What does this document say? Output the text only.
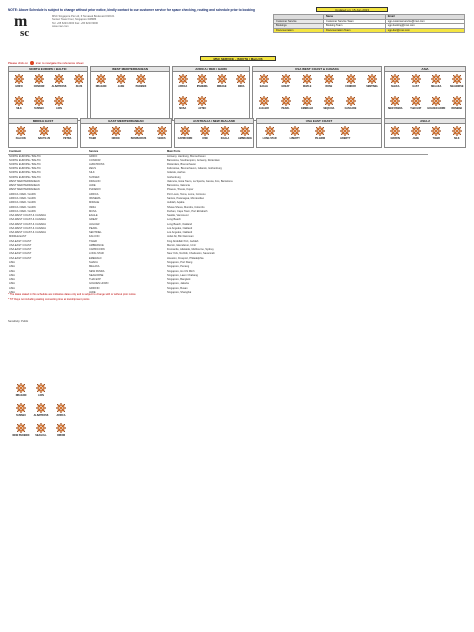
NOTE: Above Schedule is subject to change without prior notice, kindly contact to our customer service for space checking, routing and schedule prior to booking	Updated on: 15-Jun-2023
m
sc
MSC Singapore Pte Ltd, 6 Temasek Boulevard #18-01
Suntec Tower Four, Singapore 038986
Tel: +65 6223 2000 Fax: +65 6223 9000
www.msc.com
	Name	Email
Customer Service	Customer Service Team	sgp-customerservice@msc.com
Bookings	Booking Team	sgp-booking@msc.com
Documentation	Documentation Team	sgp-doc@msc.com
MSC SERVICE - (SOUTH / Main Ol)
Please click on	icon to navigate the reference sheet
NORTH EUROPE / BALTIC
GRIFO	CONDOR	ALBATROSS	ZEUS
SILK	SUSSEX	LION
WEST MEDITERRANEAN
DRAGON	JADE	PHOENIX
AFRICA / RED / GARN
AFRICA	IPANEMA	MIRAGE	INDIA
MUSA	AZTEC
USA WEST COAST & CANADA
EAGLE	GREAT	MAPLE	ROSE	CONDOR	SENTINEL
JAGUAR	PEARL	EMERALD	SEQUOIA	CASCADE
ASIA
SHAKA	EAST	MELAKA	SEAHORSE
NEW PANDA	THAI EXP	GOLDEN HORN	IPANEMA
MIDDLE EAST
FALCON	NAUTILUS	PETRA
EAST MEDITERRANEAN
TIGER	ORION	BOSPHORUS	VENUS
AUSTRALIA / NEW ZEALAND
CAPRICORN	KIWI	KOALA	AMBRANCE
USA EAST COAST
LONG STAR	LIBERTY	PILGRIM	LIBERTY
ASIA-2
GRIFFIN	JADE	TIGER	SILK
Continent	Service	Main Ports
NORTH EUROPE / BALTIC	GRIFO	Antwerp, Hamburg, Bremerhaven
NORTH EUROPE / BALTIC	CONDOR	Barcelona, Southampton, Antwerp, Rotterdam
NORTH EUROPE / BALTIC	ALBATROSS	Rotterdam, Bremerhaven
NORTH EUROPE / BALTIC	ZEUS	Felixstowe, Bremerhaven, Gdansk, Gothenburg
NORTH EUROPE / BALTIC	SILK	Gdansk, Aarhus
NORTH EUROPE / BALTIC	SUSSEX	Gothenburg
WEST MEDITERRANEAN	DRAGON	Valencia, Gioia Tauro, La Spezia, Genoa, Fos, Barcelona
WEST MEDITERRANEAN	JADE	Barcelona, Valencia
WEST MEDITERRANEAN	PHOENIX	Piraeus, Trieste, Koper
AFRICA / RED / GARN	AFRICA	Port Louis, Tema, Lome, Cotonou
AFRICA / RED / GARN	IPANEMA	Santos, Paranagua, Montevideo
AFRICA / RED / GARN	MIRAGE	Jeddah, Aqaba
AFRICA / RED / GARN	INDIA	Nhava Sheva, Mundra, Colombo
AFRICA / RED / GARN	MUSA	Durban, Cape Town, Port Elizabeth
USA WEST COAST & CANADA	EAGLE	Seattle, Vancouver
USA WEST COAST & CANADA	GREAT	Long Beach
USA WEST COAST & CANADA	JAGUAR	Long Beach, Oakland
USA WEST COAST & CANADA	PEARL	Los Angeles, Oakland
USA WEST COAST & CANADA	SENTINEL	Los Angeles, Oakland
MIDDLE EAST	FALCON	Jebel Ali, Bin Dammam
USA EAST COAST	TIGER	King Abdullah Port, Jeddah
USA EAST COAST	AMBRANCE	Mersin, Iskenderun, Izmir
USA EAST COAST	CAPRICORN	Fremantle, Adelaide, Melbourne, Sydney
USA EAST COAST	LONG STAR	New York, Norfolk, Charleston, Savannah
USA EAST COAST	EMERALD	Houston, Freeport, Philadelphia
ASIA	SHAKA	Singapore, Port Klang
ASIA	MELAKA	Singapore, Penang
ASIA	NEW PANDA	Singapore, Ho Chi Minh
ASIA	SEAHORSE	Singapore, Laem Chabang
ASIA	THAI EXP	Singapore, Bangkok
ASIA	GOLDEN HORN	Singapore, Jakarta
ASIA	GRIFFIN	Singapore, Busan
ASIA	JADE	Singapore, Shanghai
* The dates stated in this schedule are indicative dates only and is subject to change with or without prior notice
* T/T Days not including waiting connecting time at transhipment points
Sensitivity: Public
DRAGON	LION
SUSSEX	ALBATROSS	AFRICA
NEW PHOENIX	SEAGULL	ORIOM
